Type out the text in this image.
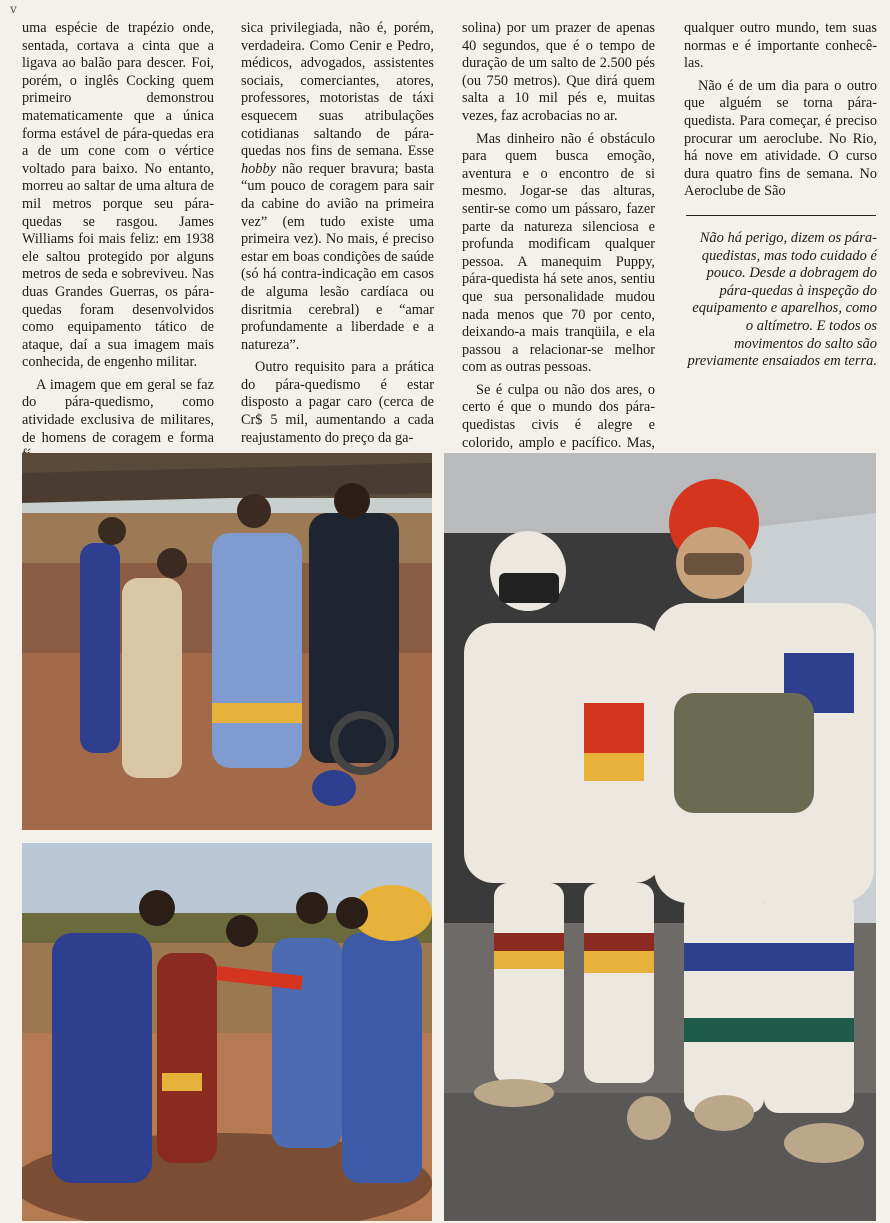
v

uma espécie de trapézio onde, sentada, cortava a cinta que a ligava ao balão para descer. Foi, porém, o inglês Cocking quem primeiro demonstrou matematicamente que a única forma estável de pára-quedas era a de um cone com o vértice voltado para baixo. No entanto, morreu ao saltar de uma altura de mil metros porque seu pára-quedas se rasgou. James Williams foi mais feliz: em 1938 ele saltou protegido por alguns metros de seda e sobreviveu. Nas duas Grandes Guerras, os pára-quedas foram desenvolvidos como equipamento tático de ataque, daí a sua imagem mais conhecida, de engenho militar.

A imagem que em geral se faz do pára-quedismo, como atividade exclusiva de militares, de homens de coragem e forma

sica privilegiada, não é, porém, verdadeira. Como Cenir e Pedro, médicos, advogados, assistentes sociais, comerciantes, atores, professores, motoristas de táxi esquecem suas atribulações cotidianas saltando de pára-quedas nos fins de semana. Esse hobby não requer bravura; basta “um pouco de coragem para sair da cabine do avião na primeira vez” (em tudo existe uma primeira vez). No mais, é preciso estar em boas condições de saúde (só há contra-indicação em casos de alguma lesão cardíaca ou disritmia cerebral) e “amar profundamente a liberdade e a natureza”.

Outro requisito para a prática do pára-quedismo é estar disposto a pagar caro (cerca de Cr$ 5 mil, aumentando a cada reajustamento do preço da ga-

solina) por um prazer de apenas 40 segundos, que é o tempo de duração de um salto de 2.500 pés (ou 750 metros). Que dirá quem salta a 10 mil pés e, muitas vezes, faz acrobacias no ar.

Mas dinheiro não é obstáculo para quem busca emoção, aventura e o encontro de si mesmo. Jogar-se das alturas, sentir-se como um pássaro, fazer parte da natureza silenciosa e profunda modificam qualquer pessoa. A manequim Puppy, pára-quedista há sete anos, sentiu que sua personalidade mudou nada menos que 70 por cento, deixando-a mais tranqüila, e ela passou a relacionar-se melhor com as outras pessoas.

Se é culpa ou não dos ares, o certo é que o mundo dos pára-quedistas civis é alegre e colorido, amplo e pacífico. Mas,

qualquer outro mundo, tem suas normas e é importante conhecê-las.

Não é de um dia para o outro que alguém se torna pára-quedista. Para começar, é preciso procurar um aeroclube. No Rio, há nove em atividade. O curso dura quatro fins de semana. No Aeroclube de São

Não há perigo, dizem os pára-quedistas, mas todo cuidado é pouco. Desde a dobragem do pára-quedas à inspeção do equipamento e aparelhos, como o altímetro. E todos os movimentos do salto são previamente ensaiados em terra.
